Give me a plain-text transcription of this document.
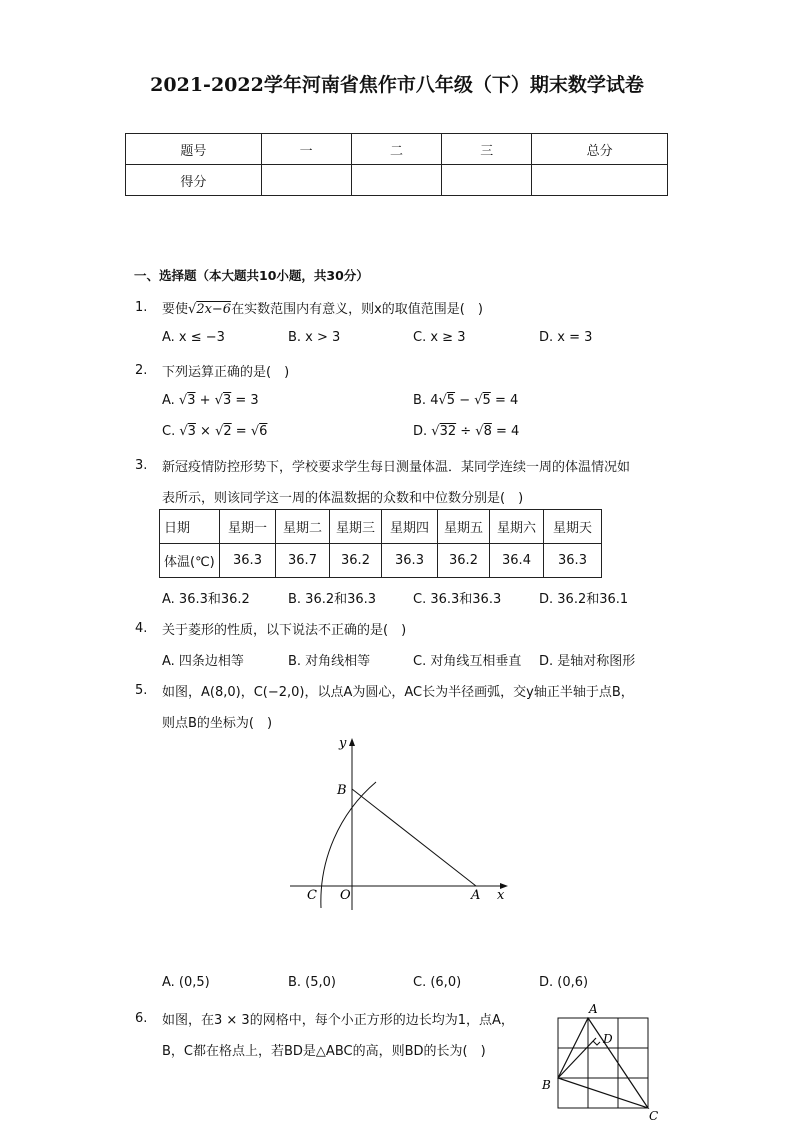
2021-2022学年河南省焦作市八年级（下）期末数学试卷
题号	一	二	三	总分
得分				
一、选择题（本大题共10小题，共30分）
1. 要使√2x−6在实数范围内有意义，则x的取值范围是(　)
A. x ≤ −3	B. x > 3	C. x ≥ 3	D. x = 3
2. 下列运算正确的是(　)
A. √3 + √3 = 3	B. 4√5 − √5 = 4
C. √3 × √2 = √6	D. √32 ÷ √8 = 4
3. 新冠疫情防控形势下，学校要求学生每日测量体温．某同学连续一周的体温情况如
表所示，则该同学这一周的体温数据的众数和中位数分别是(　)
日期	星期一	星期二	星期三	星期四	星期五	星期六	星期天
体温(℃)	36.3	36.7	36.2	36.3	36.2	36.4	36.3
A. 36.3和36.2	B. 36.2和36.3	C. 36.3和36.3	D. 36.2和36.1
4. 关于菱形的性质，以下说法不正确的是(　)
A. 四条边相等	B. 对角线相等	C. 对角线互相垂直 D. 是轴对称图形
5. 如图，A(8,0)，C(−2,0)，以点A为圆心，AC长为半径画弧，交y轴正半轴于点B，
则点B的坐标为(　)
y
x
B
C O	A
A. (0,5)	B. (5,0)	C. (6,0)	D. (0,6)
6. 如图，在3 × 3的网格中，每个小正方形的边长均为1，点A，
B，C都在格点上，若BD是△ABC的高，则BD的长为(　)
A
B
C
D
